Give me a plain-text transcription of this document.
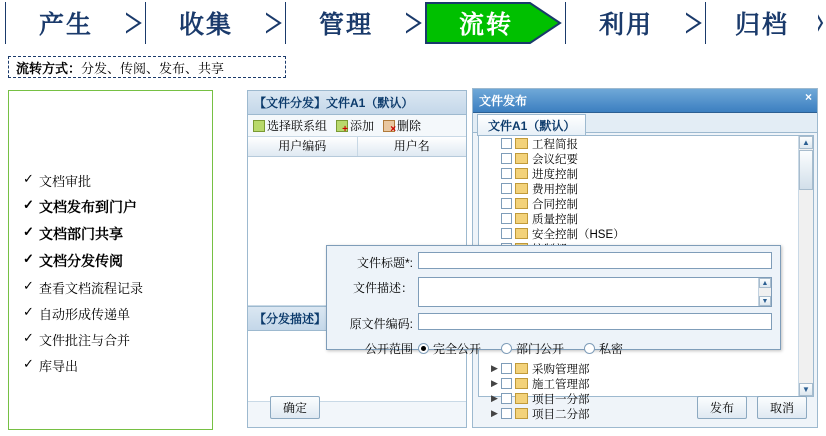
产生	收集	管理	流转	利用	归档
流转方式： 分发、传阅、发布、共享
✓ 文档审批
✓ 文档发布到门户
✓ 文档部门共享
✓ 文档分发传阅
✓ 查看文档流程记录
✓ 自动形成传递单
✓ 文件批注与合并
✓ 库导出
【文件分发】文件A1（默认）
选择联系组 + 添加 × 删除
用户编码	用户名
【分发描述】
确定
文件发布	×
文件A1（默认）
工程简报
会议纪要
进度控制
费用控制
合同控制
质量控制
安全控制（HSE）
▶	采购管理部
▶	施工管理部
▶	项目一分部
▶	项目二分部
▲
▼
发布	取消
文件标题*:
文件描述：	▲
▼
原文件编码:
公开范围	完全公开	部门公开	私密
